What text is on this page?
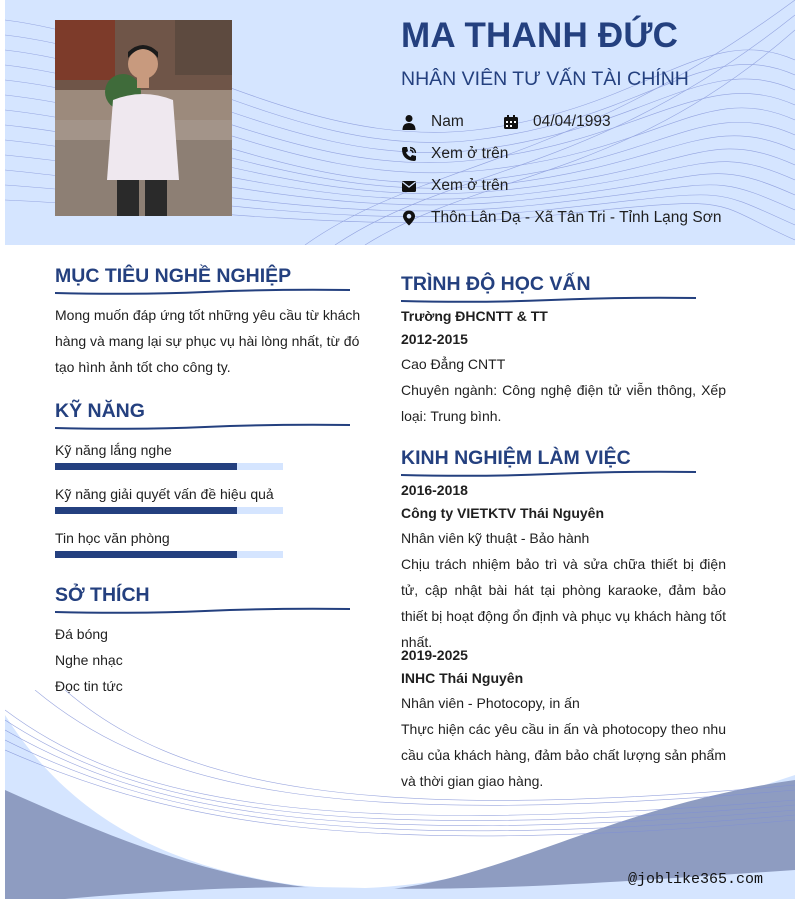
MA THANH ĐỨC
NHÂN VIÊN TƯ VẤN TÀI CHÍNH
Nam	04/04/1993
Xem ở trên
Xem ở trên
Thôn Lân Dạ - Xã Tân Tri - Tỉnh Lạng Sơn
MỤC TIÊU NGHỀ NGHIỆP
Mong muốn đáp ứng tốt những yêu cầu từ khách hàng và mang lại sự phục vụ hài lòng nhất, từ đó tạo hình ảnh tốt cho công ty.
KỸ NĂNG
Kỹ năng lắng nghe
Kỹ năng giải quyết vấn đề hiệu quả
Tin học văn phòng
SỞ THÍCH
Đá bóng
Nghe nhạc
Đọc tin tức
TRÌNH ĐỘ HỌC VẤN
Trường ĐHCNTT & TT
2012-2015
Cao Đẳng CNTT
Chuyên ngành: Công nghệ điện tử viễn thông, Xếp loại: Trung bình.
KINH NGHIỆM LÀM VIỆC
2016-2018
Công ty VIETKTV Thái Nguyên
Nhân viên kỹ thuật - Bảo hành
Chịu trách nhiệm bảo trì và sửa chữa thiết bị điện tử, cập nhật bài hát tại phòng karaoke, đảm bảo thiết bị hoạt động ổn định và phục vụ khách hàng tốt nhất.
2019-2025
INHC Thái Nguyên
Nhân viên - Photocopy, in ấn
Thực hiện các yêu cầu in ấn và photocopy theo nhu cầu của khách hàng, đảm bảo chất lượng sản phẩm và thời gian giao hàng.
@joblike365.com
